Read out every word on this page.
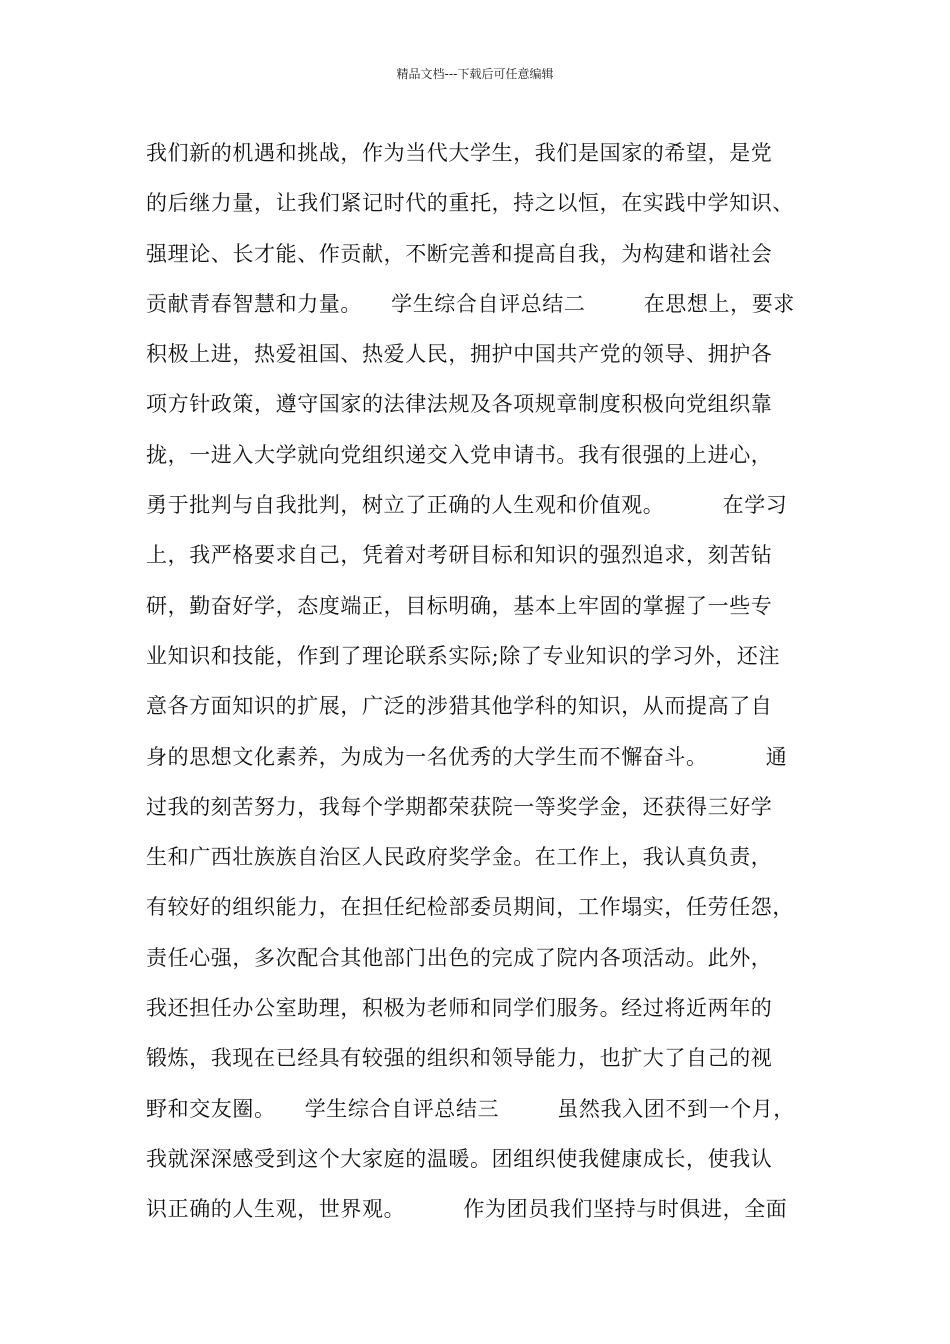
精品文档---下载后可任意编辑
我们新的机遇和挑战，作为当代大学生，我们是国家的希望，是党
的后继力量，让我们紧记时代的重托，持之以恒，在实践中学知识、
强理论、长才能、作贡献，不断完善和提高自我，为构建和谐社会
贡献青春智慧和力量。    学生综合自评总结二        在思想上，要求
积极上进，热爱祖国、热爱人民，拥护中国共产党的领导、拥护各
项方针政策，遵守国家的法律法规及各项规章制度积极向党组织靠
拢，一进入大学就向党组织递交入党申请书。我有很强的上进心，
勇于批判与自我批判，树立了正确的人生观和价值观。        在学习
上，我严格要求自己，凭着对考研目标和知识的强烈追求，刻苦钻
研，勤奋好学，态度端正，目标明确，基本上牢固的掌握了一些专
业知识和技能，作到了理论联系实际;除了专业知识的学习外，还注
意各方面知识的扩展，广泛的涉猎其他学科的知识，从而提高了自
身的思想文化素养，为成为一名优秀的大学生而不懈奋斗。        通
过我的刻苦努力，我每个学期都荣获院一等奖学金，还获得三好学
生和广西壮族族自治区人民政府奖学金。在工作上，我认真负责，
有较好的组织能力，在担任纪检部委员期间，工作塌实，任劳任怨，
责任心强，多次配合其他部门出色的完成了院内各项活动。此外，
我还担任办公室助理，积极为老师和同学们服务。经过将近两年的
锻炼，我现在已经具有较强的组织和领导能力，也扩大了自己的视
野和交友圈。    学生综合自评总结三        虽然我入团不到一个月，
我就深深感受到这个大家庭的温暖。团组织使我健康成长，使我认
识正确的人生观，世界观。        作为团员我们坚持与时俱进，全面
